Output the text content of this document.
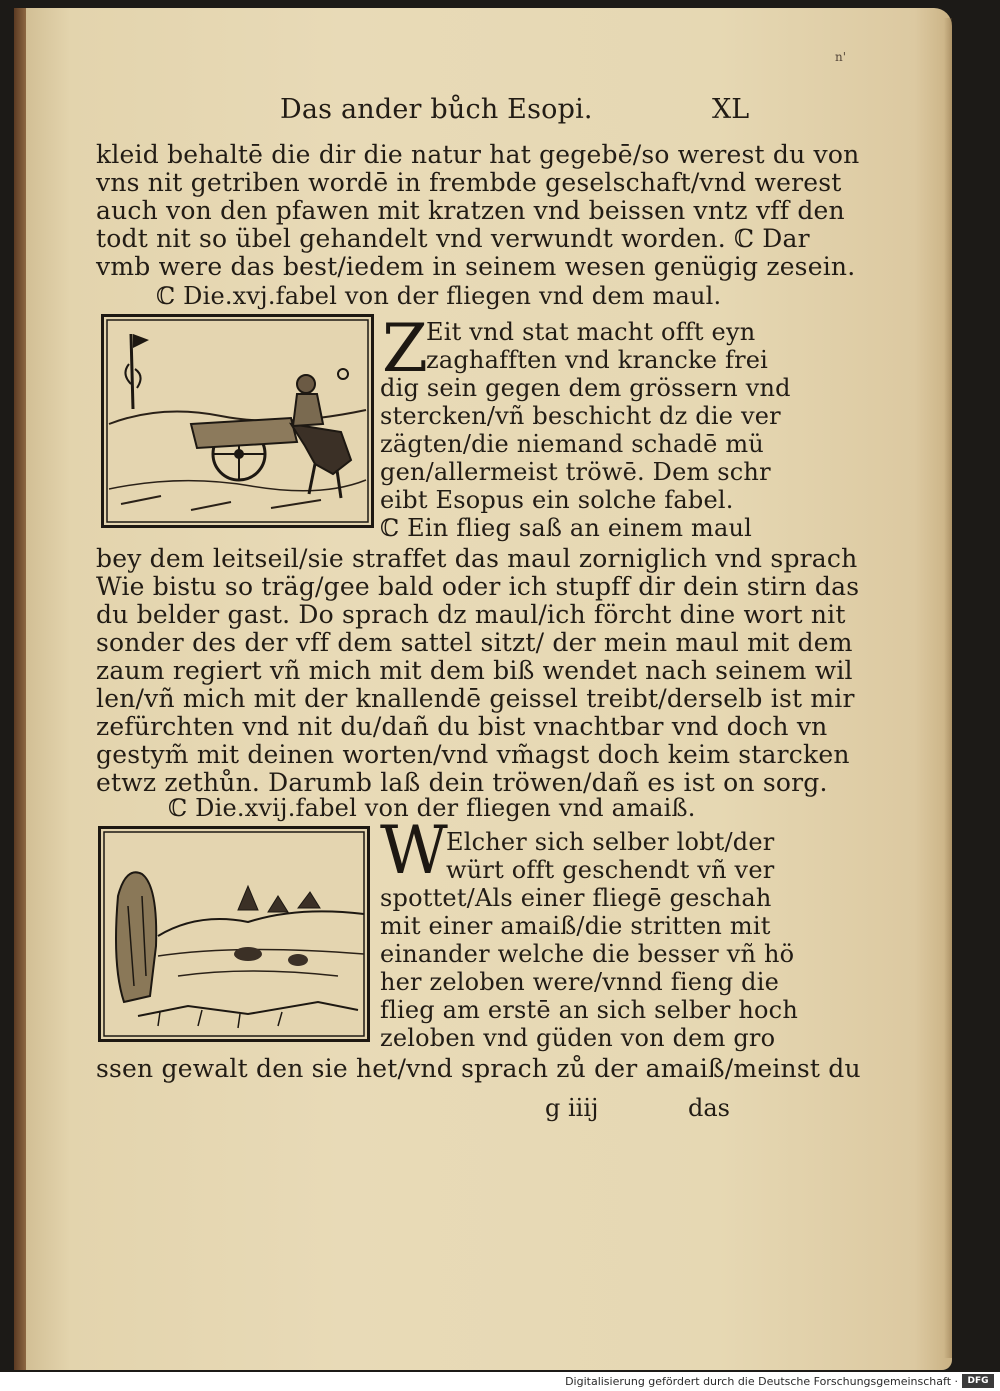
n'
Das ander bůch Esopi.	XL
kleid behaltē die dir die natur hat gegebē/so werest du von
vns nit getriben wordē in frembde geselschaft/vnd werest
auch von den pfawen mit kratzen vnd beissen vntz vff den
todt nit so übel gehandelt vnd verwundt worden. ℂ Dar
vmb were das best/iedem in seinem wesen genügig zesein.
ℂ Die.xvj.fabel von der fliegen vnd dem maul.
Z
Eit vnd stat macht offt eyn
zaghafften vnd krancke frei
dig sein gegen dem grössern vnd
stercken/vñ beschicht dz die ver
zägten/die niemand schadē mü
gen/allermeist tröwē. Dem schr
eibt Esopus ein solche fabel.
ℂ Ein flieg saß an einem maul
bey dem leitseil/sie straffet das maul zorniglich vnd sprach
Wie bistu so träg/gee bald oder ich stupff dir dein stirn das
du belder gast. Do sprach dz maul/ich förcht dine wort nit
sonder des der vff dem sattel sitzt/ der mein maul mit dem
zaum regiert vñ mich mit dem biß wendet nach seinem wil
len/vñ mich mit der knallendē geissel treibt/derselb ist mir
zefürchten vnd nit du/dañ du bist vnachtbar vnd doch vn
gestym̃ mit deinen worten/vnd vm̃agst doch keim starcken
etwz zethůn. Darumb laß dein tröwen/dañ es ist on sorg.
ℂ Die.xvij.fabel von der fliegen vnd amaiß.
W
Elcher sich selber lobt/der
würt offt geschendt vñ ver
spottet/Als einer fliegē geschah
mit einer amaiß/die stritten mit
einander welche die besser vñ hö
her zeloben were/vnnd fieng die
flieg am erstē an sich selber hoch
zeloben vnd güden von dem gro
ssen gewalt den sie het/vnd sprach zů der amaiß/meinst du
g iiij	das
Digitalisierung gefördert durch die Deutsche Forschungsgemeinschaft ·	DFG
